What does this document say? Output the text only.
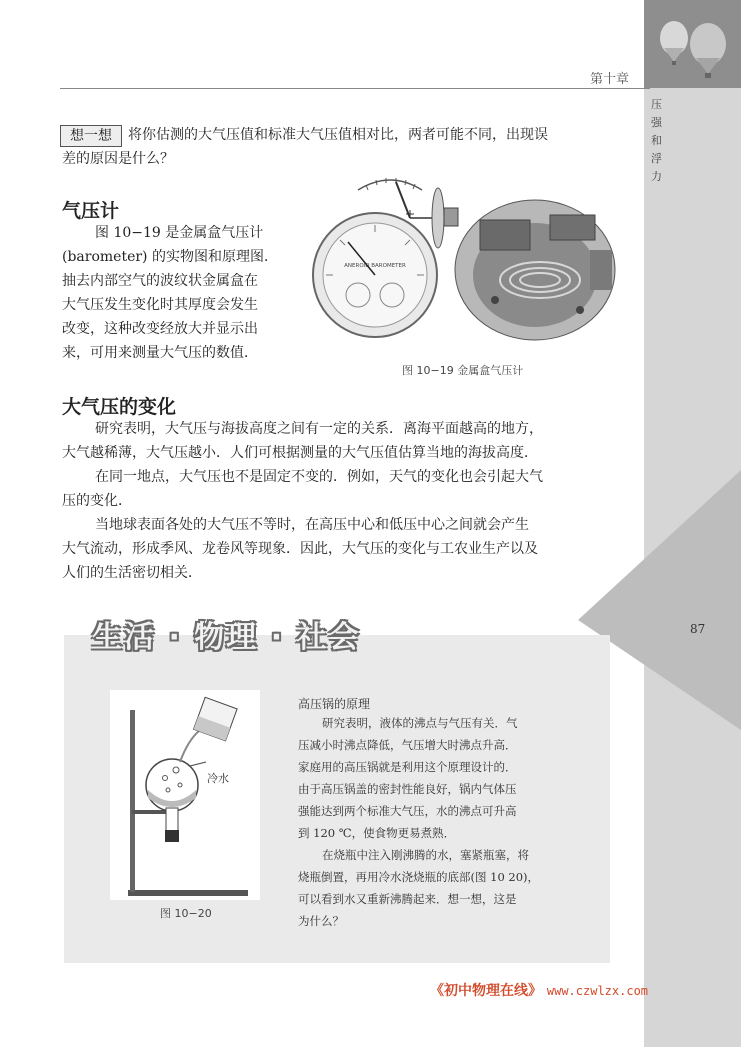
第十章
压强和浮力
87
想一想	将你估测的大气压值和标准大气压值相对比，两者可能不同，出现误
差的原因是什么？
气压计
图 10−19 是金属盒气压计
(barometer) 的实物图和原理图．
抽去内部空气的波纹状金属盒在
大气压发生变化时其厚度会发生
改变，这种改变经放大并显示出
来，可用来测量大气压的数值．
ANEROID BAROMETER
图 10−19 金属盒气压计
大气压的变化
研究表明，大气压与海拔高度之间有一定的关系．离海平面越高的地方，
大气越稀薄，大气压越小．人们可根据测量的大气压值估算当地的海拔高度．
在同一地点，大气压也不是固定不变的．例如，天气的变化也会引起大气
压的变化．
当地球表面各处的大气压不等时，在高压中心和低压中心之间就会产生
大气流动，形成季风、龙卷风等现象．因此，大气压的变化与工农业生产以及
人们的生活密切相关．
生活 · 物理 · 社会
冷水
图 10−20
高压锅的原理
研究表明，液体的沸点与气压有关．气
压减小时沸点降低，气压增大时沸点升高．
家庭用的高压锅就是利用这个原理设计的．
由于高压锅盖的密封性能良好，锅内气体压
强能达到两个标准大气压，水的沸点可升高
到 120 ℃，使食物更易煮熟．
在烧瓶中注入刚沸腾的水，塞紧瓶塞，将
烧瓶倒置，再用冷水浇烧瓶的底部(图 10 20)，
可以看到水又重新沸腾起来．想一想，这是
为什么？
《初中物理在线》 www.czwlzx.com
